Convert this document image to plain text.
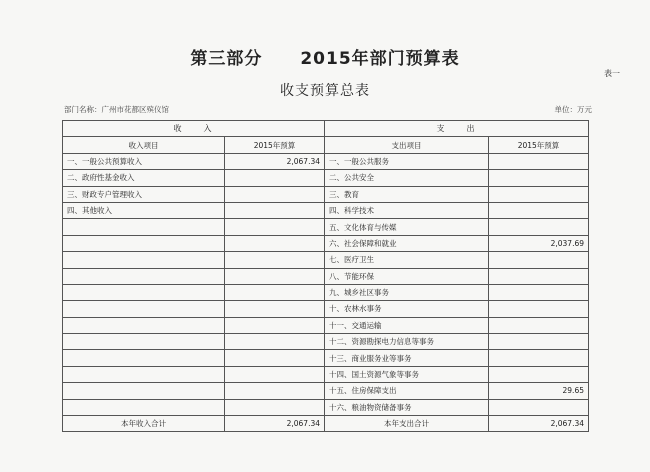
第三部分 2015年部门预算表
表一
收支预算总表
部门名称：广州市花都区殡仪馆	单位：万元
收　　入		支　　出	
收入项目	2015年预算	支出项目	2015年预算
一、一般公共预算收入	2,067.34	一、一般公共服务	
二、政府性基金收入		二、公共安全	
三、财政专户管理收入		三、教育	
四、其他收入		四、科学技术	
		五、文化体育与传媒	
		六、社会保障和就业	2,037.69
		七、医疗卫生	
		八、节能环保	
		九、城乡社区事务	
		十、农林水事务	
		十一、交通运输	
		十二、资源勘探电力信息等事务	
		十三、商业服务业等事务	
		十四、国土资源气象等事务	
		十五、住房保障支出	29.65
		十六、粮油物资储备事务	
本年收入合计	2,067.34	本年支出合计	2,067.34
